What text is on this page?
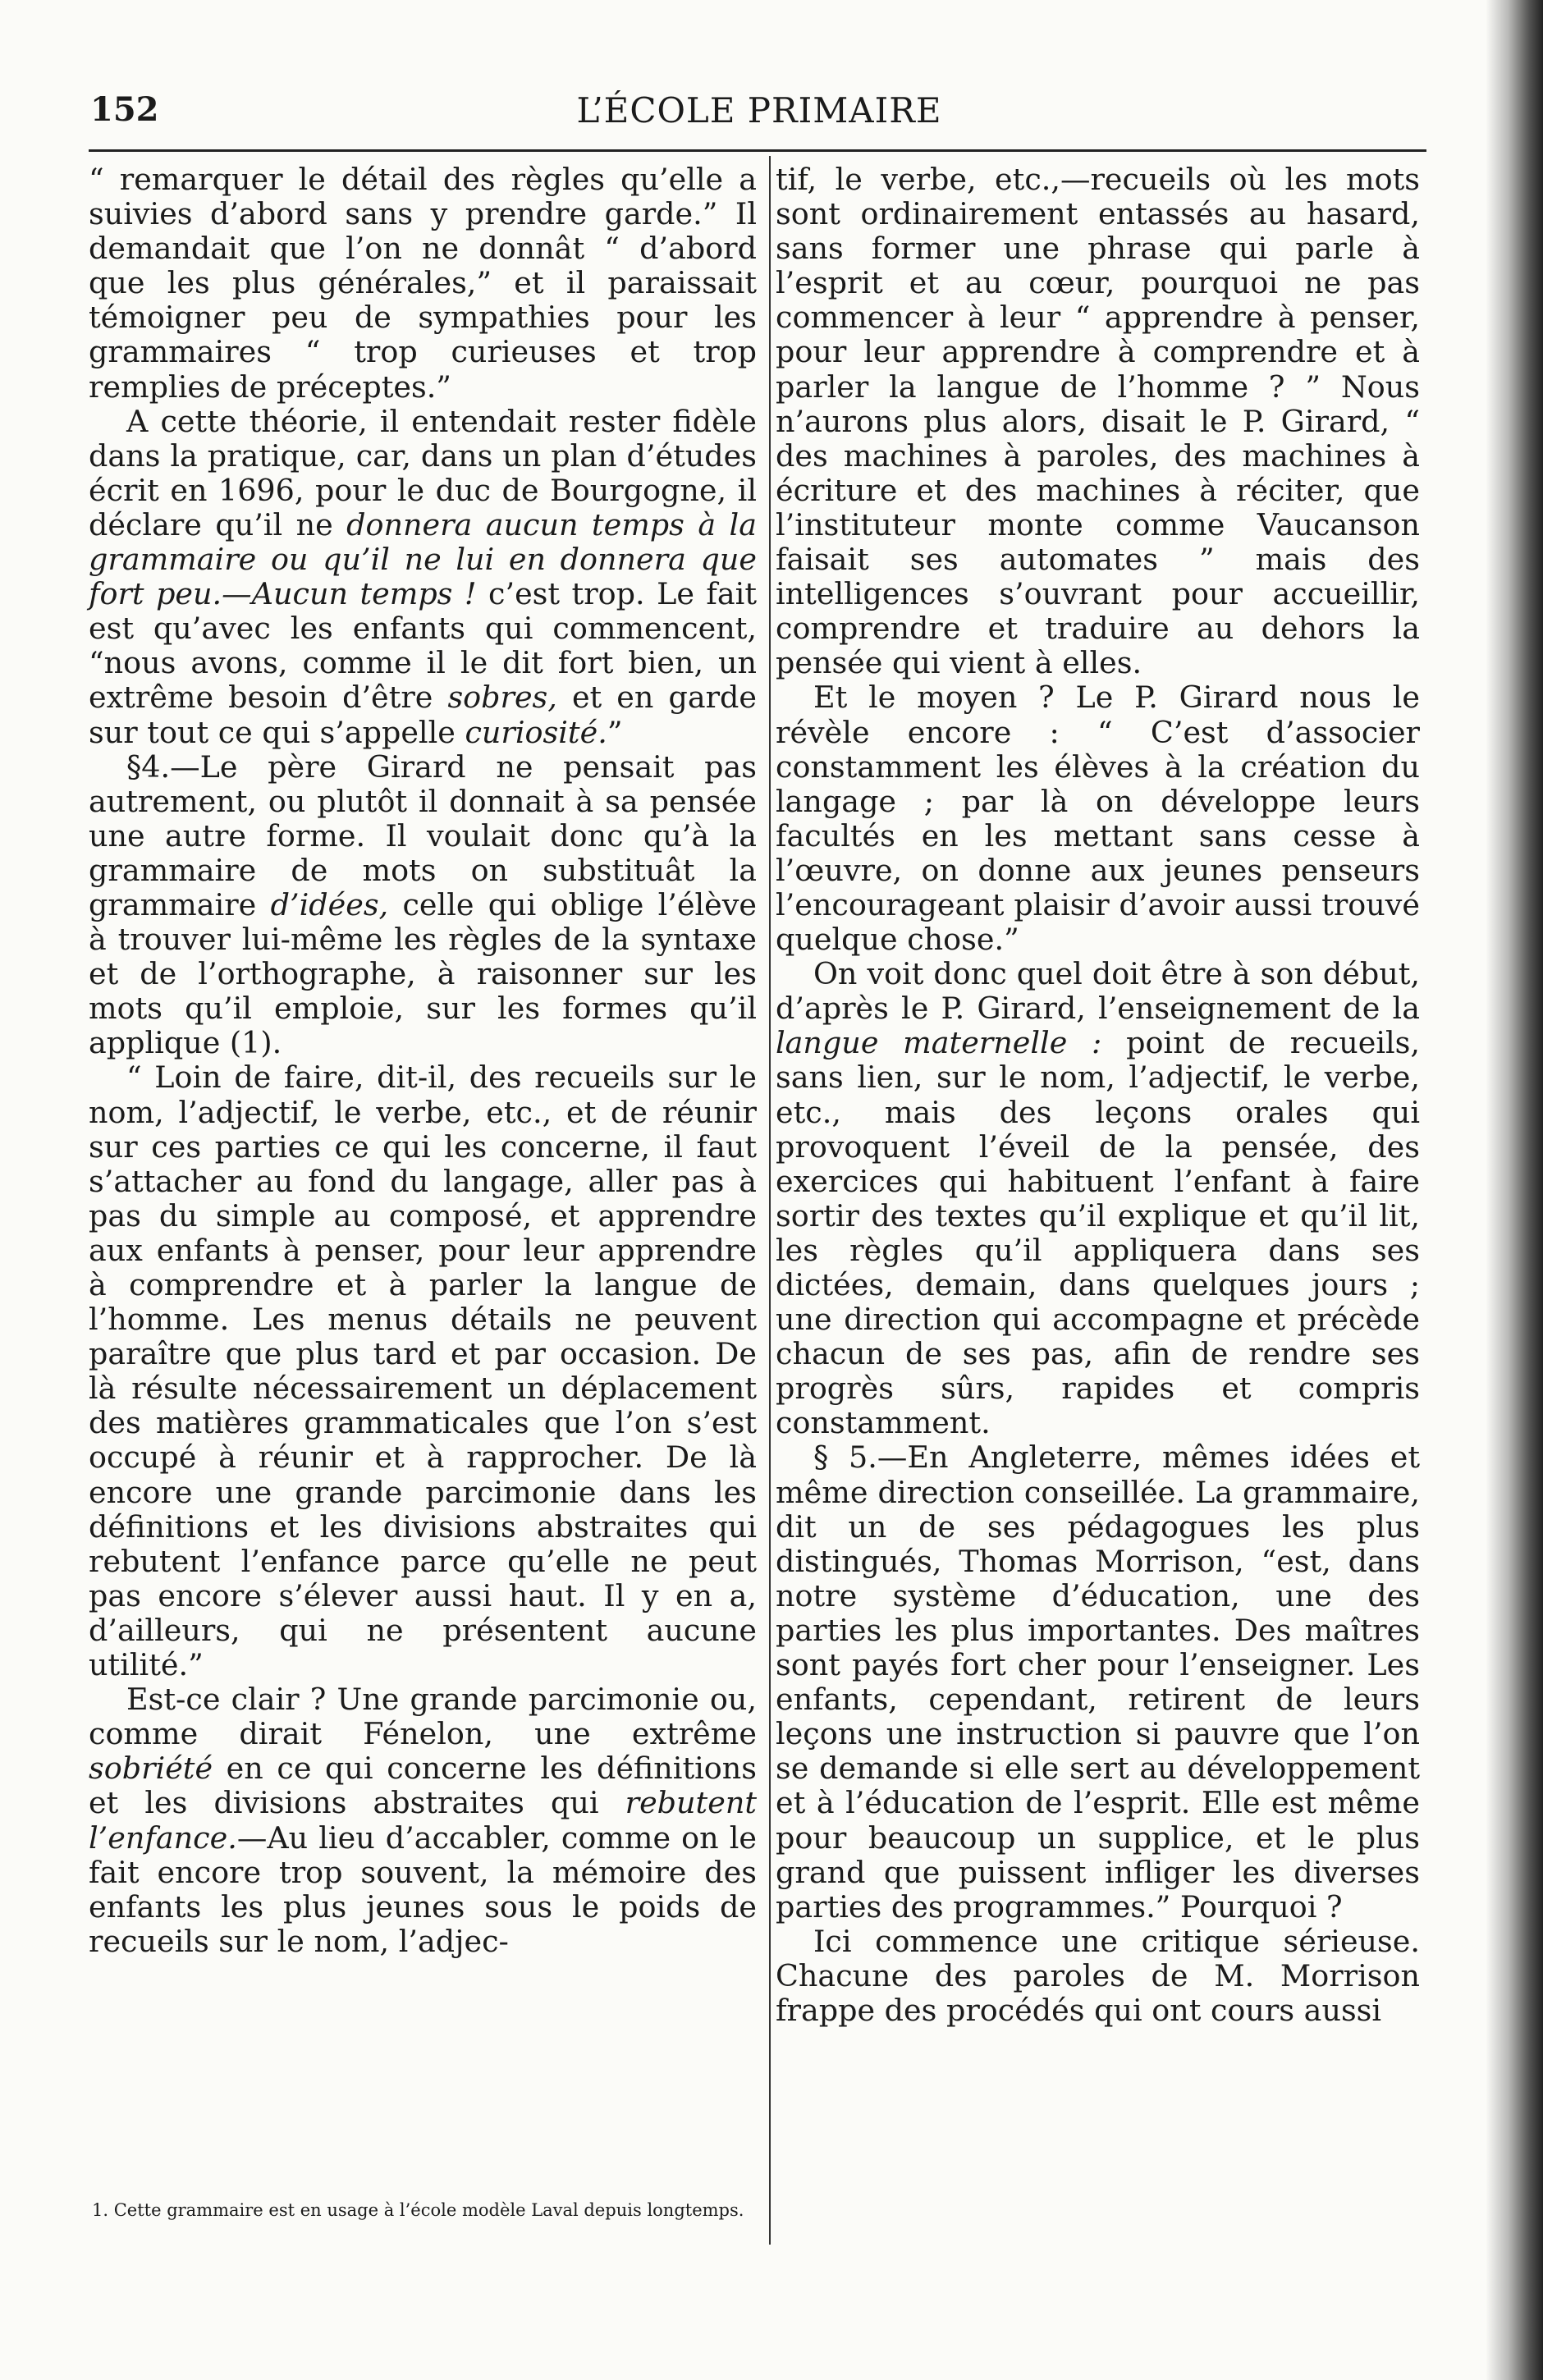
152	L’ÉCOLE PRIMAIRE

“ remarquer le détail des règles qu’elle a suivies d’abord sans y prendre garde.” Il demandait que l’on ne donnât “ d’abord que les plus générales,” et il paraissait témoigner peu de sympathies pour les grammaires “ trop curieuses et trop remplies de préceptes.”

A cette théorie, il entendait rester fidèle dans la pratique, car, dans un plan d’études écrit en 1696, pour le duc de Bourgogne, il déclare qu’il ne donnera aucun temps à la grammaire ou qu’il ne lui en donnera que fort peu.—Aucun temps ! c’est trop. Le fait est qu’avec les enfants qui commencent, “nous avons, comme il le dit fort bien, un extrême besoin d’être sobres, et en garde sur tout ce qui s’appelle curiosité.”

§4.—Le père Girard ne pensait pas autrement, ou plutôt il donnait à sa pensée une autre forme. Il voulait donc qu’à la grammaire de mots on substituât la grammaire d’idées, celle qui oblige l’élève à trouver lui-même les règles de la syntaxe et de l’orthographe, à raisonner sur les mots qu’il emploie, sur les formes qu’il applique (1).

“ Loin de faire, dit-il, des recueils sur le nom, l’adjectif, le verbe, etc., et de réunir sur ces parties ce qui les concerne, il faut s’attacher au fond du langage, aller pas à pas du simple au composé, et apprendre aux enfants à penser, pour leur apprendre à comprendre et à parler la langue de l’homme. Les menus détails ne peuvent paraître que plus tard et par occasion. De là résulte nécessairement un déplacement des matières grammaticales que l’on s’est occupé à réunir et à rapprocher. De là encore une grande parcimonie dans les définitions et les divisions abstraites qui rebutent l’enfance parce qu’elle ne peut pas encore s’élever aussi haut. Il y en a, d’ailleurs, qui ne présentent aucune utilité.”

Est-ce clair ? Une grande parcimonie ou, comme dirait Fénelon, une extrême sobriété en ce qui concerne les définitions et les divisions abstraites qui rebutent l’enfance.—Au lieu d’accabler, comme on le fait encore trop souvent, la mémoire des enfants les plus jeunes sous le poids de recueils sur le nom, l’adjec-

tif, le verbe, etc.,—recueils où les mots sont ordinairement entassés au hasard, sans former une phrase qui parle à l’esprit et au cœur, pourquoi ne pas commencer à leur “ apprendre à penser, pour leur apprendre à comprendre et à parler la langue de l’homme ? ” Nous n’aurons plus alors, disait le P. Girard, “ des machines à paroles, des machines à écriture et des machines à réciter, que l’instituteur monte comme Vaucanson faisait ses automates ” mais des intelligences s’ouvrant pour accueillir, comprendre et traduire au dehors la pensée qui vient à elles.

Et le moyen ? Le P. Girard nous le révèle encore : “ C’est d’associer constamment les élèves à la création du langage ; par là on développe leurs facultés en les mettant sans cesse à l’œuvre, on donne aux jeunes penseurs l’encourageant plaisir d’avoir aussi trouvé quelque chose.”

On voit donc quel doit être à son début, d’après le P. Girard, l’enseignement de la langue maternelle : point de recueils, sans lien, sur le nom, l’adjectif, le verbe, etc., mais des leçons orales qui provoquent l’éveil de la pensée, des exercices qui habituent l’enfant à faire sortir des textes qu’il explique et qu’il lit, les règles qu’il appliquera dans ses dictées, demain, dans quelques jours ; une direction qui accompagne et précède chacun de ses pas, afin de rendre ses progrès sûrs, rapides et compris constamment.

§ 5.—En Angleterre, mêmes idées et même direction conseillée. La grammaire, dit un de ses pédagogues les plus distingués, Thomas Morrison, “est, dans notre système d’éducation, une des parties les plus importantes. Des maîtres sont payés fort cher pour l’enseigner. Les enfants, cependant, retirent de leurs leçons une instruction si pauvre que l’on se demande si elle sert au développement et à l’éducation de l’esprit. Elle est même pour beaucoup un supplice, et le plus grand que puissent infliger les diverses parties des programmes.” Pourquoi ?

Ici commence une critique sérieuse. Chacune des paroles de M. Morrison frappe des procédés qui ont cours aussi

1. Cette grammaire est en usage à l’école modèle Laval depuis longtemps.
